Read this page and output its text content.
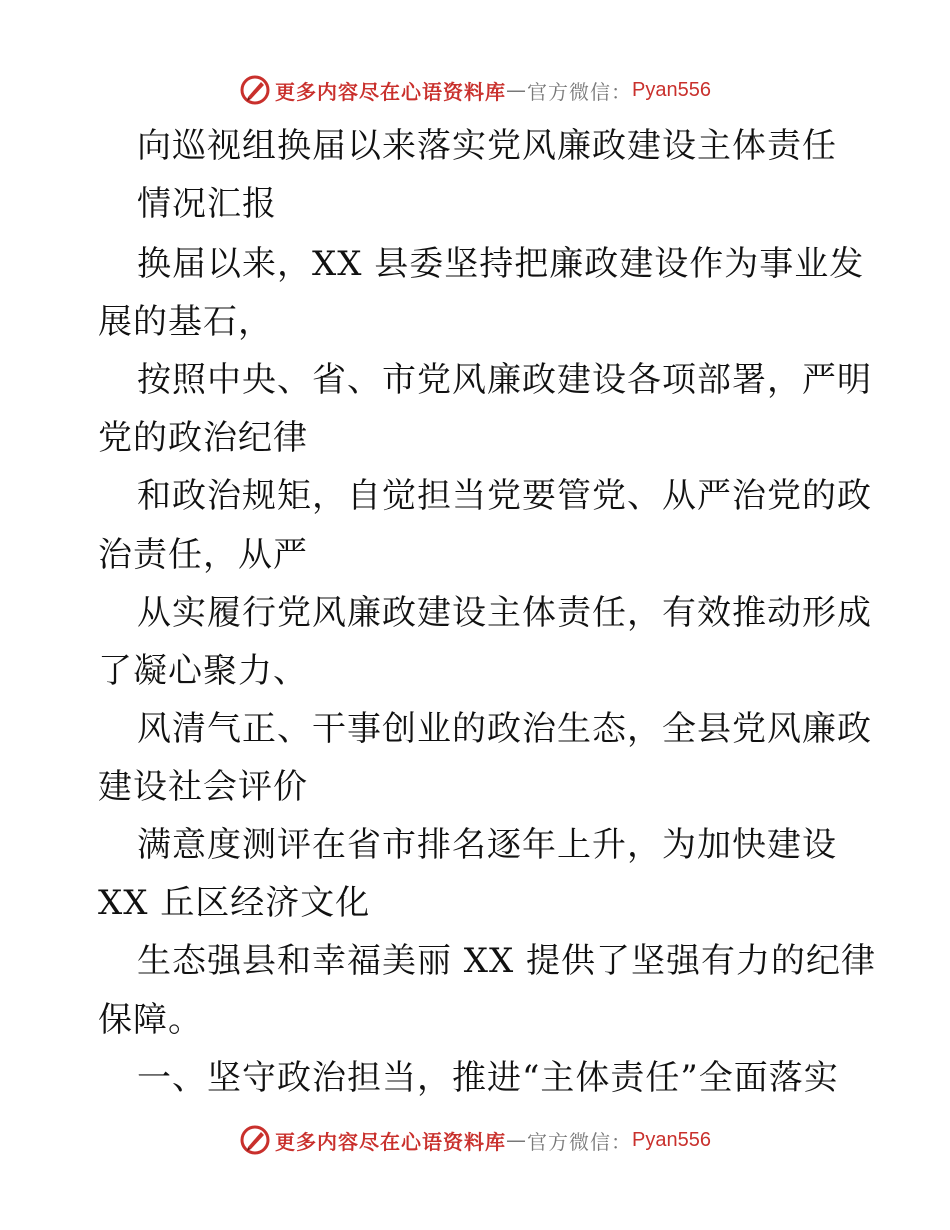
更多内容尽在心语资料库 — 官方微信： Pyan556
向巡视组换届以来落实党风廉政建设主体责任
情况汇报
换届以来，XX 县委坚持把廉政建设作为事业发
展的基石，
按照中央、省、市党风廉政建设各项部署，严明
党的政治纪律
和政治规矩，自觉担当党要管党、从严治党的政
治责任，从严
从实履行党风廉政建设主体责任，有效推动形成
了凝心聚力、
风清气正、干事创业的政治生态，全县党风廉政
建设社会评价
满意度测评在省市排名逐年上升，为加快建设
XX 丘区经济文化
生态强县和幸福美丽 XX 提供了坚强有力的纪律
保障。
一、坚守政治担当，推进“主体责任”全面落实
更多内容尽在心语资料库 — 官方微信： Pyan556
